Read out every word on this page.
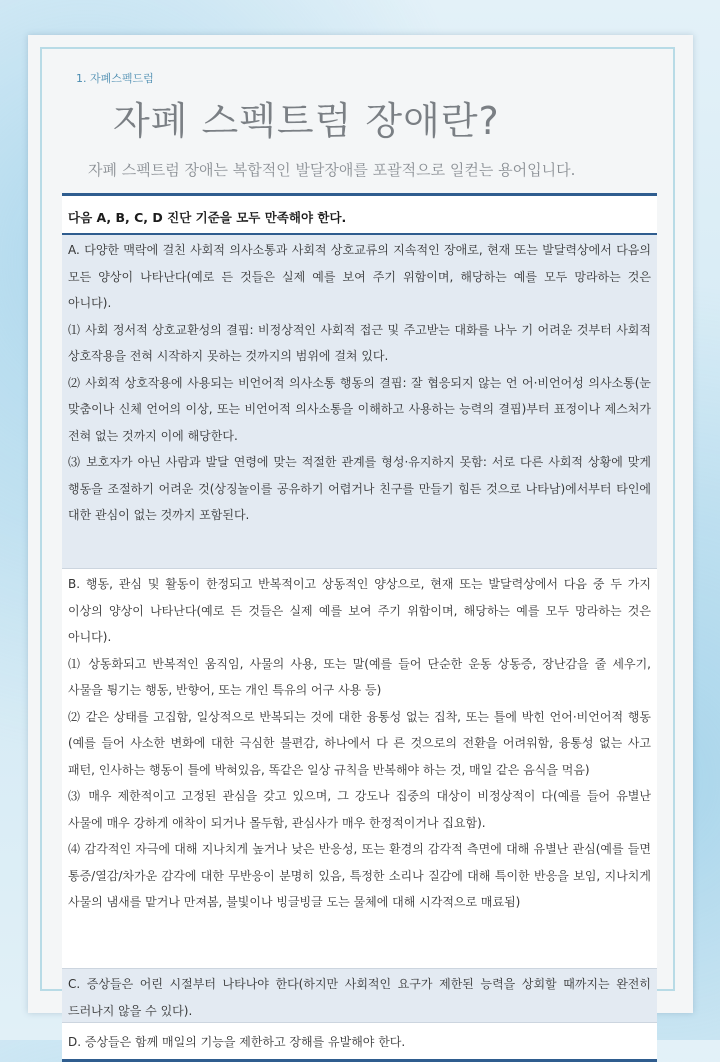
1. 자폐스펙드럼
자폐 스펙트럼 장애란?
자폐 스펙트럼 장애는 복합적인 발달장애를 포괄적으로 일컫는 용어입니다.
다음 A, B, C, D 진단 기준을 모두 만족해야 한다.

A. 다양한 맥락에 걸친 사회적 의사소통과 사회적 상호교류의 지속적인 장애로, 현재 또는 발달력상에서 다음의 모든 양상이 나타난다(예로 든 것들은 실제 예를 보여 주기 위함이며, 해당하는 예를 모두 망라하는 것은 아니다).

⑴ 사회 정서적 상호교환성의 결핍: 비정상적인 사회적 접근 및 주고받는 대화를 나누 기 어려운 것부터 사회적 상호작용을 전혀 시작하지 못하는 것까지의 범위에 걸쳐 있다.

⑵ 사회적 상호작용에 사용되는 비언어적 의사소통 행동의 결핍: 잘 협응되지 않는 언 어·비언어성 의사소통(눈 맞춤이나 신체 언어의 이상, 또는 비언어적 의사소통을 이해하고 사용하는 능력의 결핍)부터 표정이나 제스처가 전혀 없는 것까지 이에 해당한다.

⑶ 보호자가 아닌 사람과 발달 연령에 맞는 적절한 관계를 형성·유지하지 못함: 서로 다른 사회적 상황에 맞게 행동을 조절하기 어려운 것(상징놀이를 공유하기 어렵거나 친구를 만들기 힘든 것으로 나타남)에서부터 타인에 대한 관심이 없는 것까지 포함된다.

B. 행동, 관심 및 활동이 한정되고 반복적이고 상동적인 양상으로, 현재 또는 발달력상에서 다음 중 두 가지 이상의 양상이 나타난다(예로 든 것들은 실제 예를 보여 주기 위함이며, 해당하는 예를 모두 망라하는 것은 아니다).

⑴ 상동화되고 반복적인 움직임, 사물의 사용, 또는 말(예를 들어 단순한 운동 상동증, 장난감을 줄 세우기, 사물을 튕기는 행동, 반향어, 또는 개인 특유의 어구 사용 등)

⑵ 같은 상태를 고집함, 일상적으로 반복되는 것에 대한 융통성 없는 집착, 또는 틀에 박힌 언어·비언어적 행동(예를 들어 사소한 변화에 대한 극심한 불편감, 하나에서 다 른 것으로의 전환을 어려워함, 융통성 없는 사고 패턴, 인사하는 행동이 틀에 박혀있음, 똑같은 일상 규칙을 반복해야 하는 것, 매일 같은 음식을 먹음)

⑶ 매우 제한적이고 고정된 관심을 갖고 있으며, 그 강도나 집중의 대상이 비정상적이 다(예를 들어 유별난 사물에 매우 강하게 애착이 되거나 몰두함, 관심사가 매우 한정적이거나 집요함).

⑷ 감각적인 자극에 대해 지나치게 높거나 낮은 반응성, 또는 환경의 감각적 측면에 대해 유별난 관심(예를 들면 통증/열감/차가운 감각에 대한 무반응이 분명히 있음, 특정한 소리나 질감에 대해 특이한 반응을 보임, 지나치게 사물의 냄새를 맡거나 만져봄, 불빛이나 빙글빙글 도는 물체에 대해 시각적으로 매료됨)

C. 증상들은 어린 시절부터 나타나야 한다(하지만 사회적인 요구가 제한된 능력을 상회할 때까지는 완전히 드러나지 않을 수 있다).

D. 증상들은 함께 매일의 기능을 제한하고 장해를 유발해야 한다.
